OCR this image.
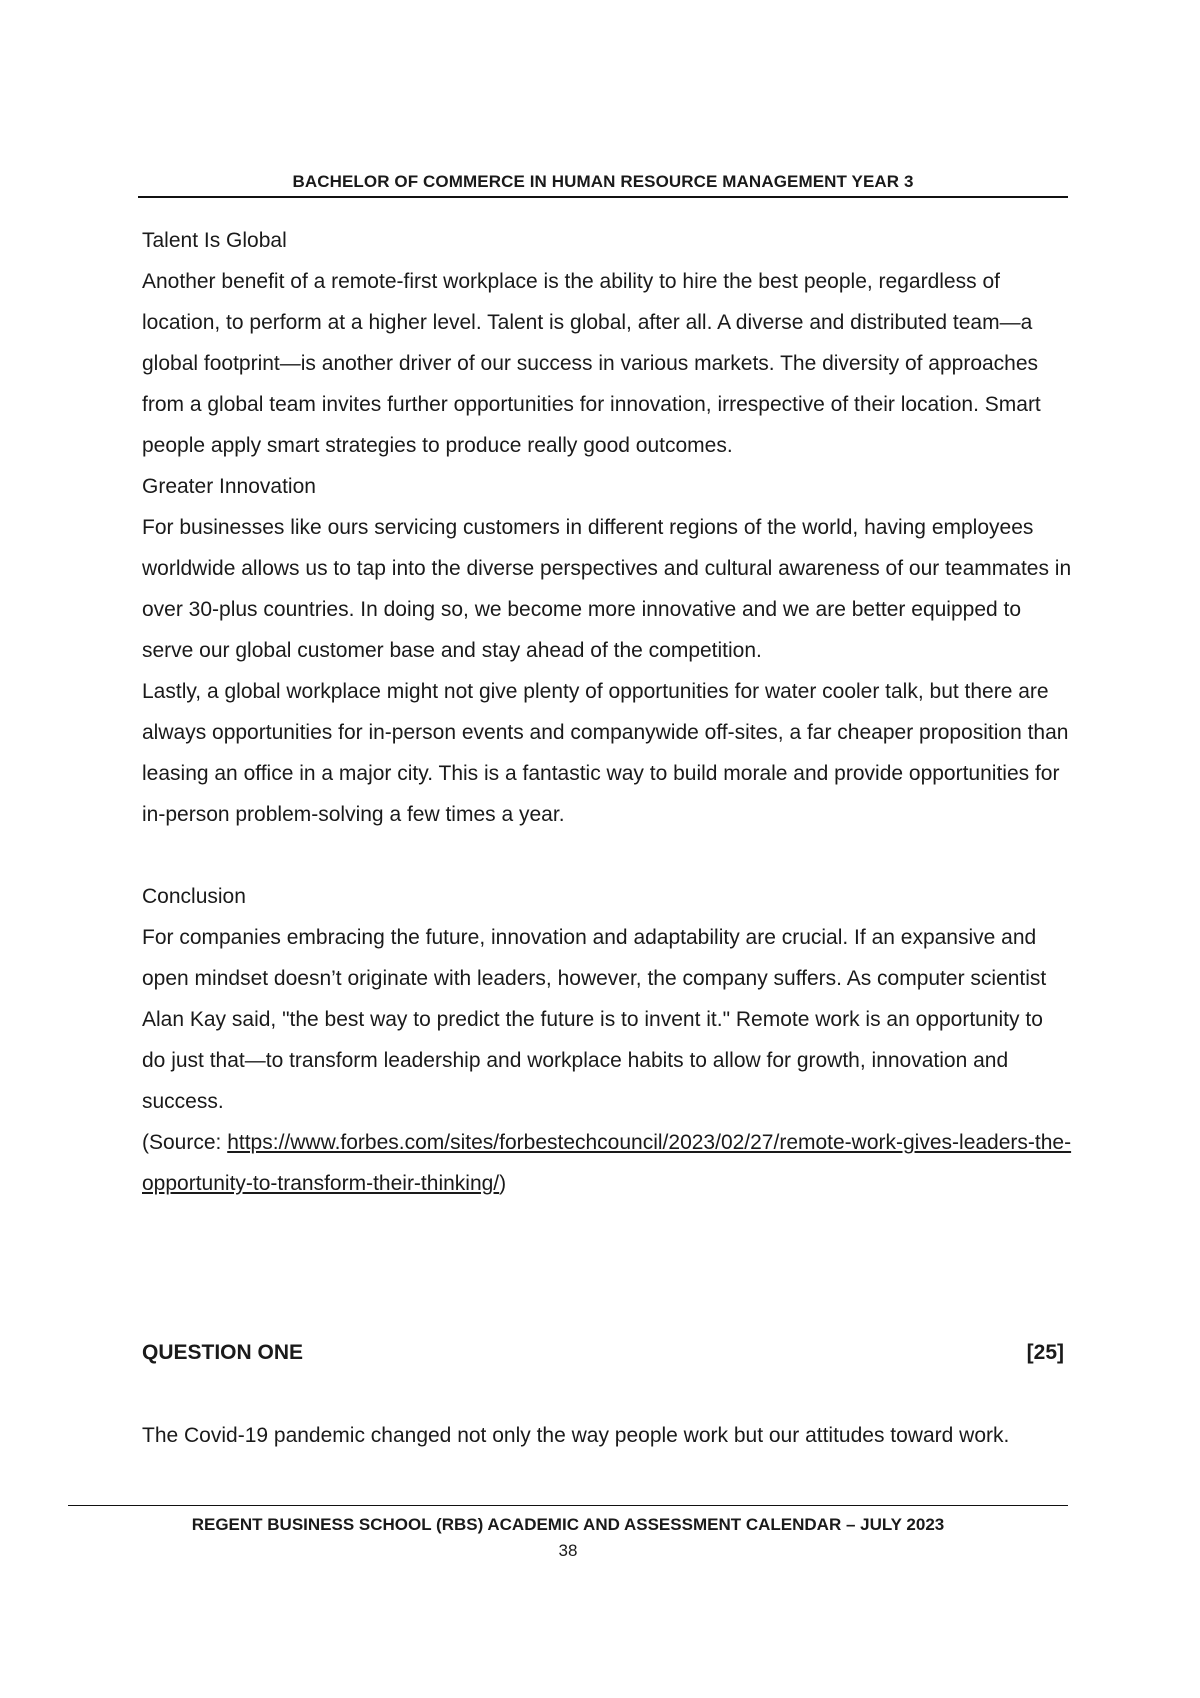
BACHELOR OF COMMERCE IN HUMAN RESOURCE MANAGEMENT YEAR 3
Talent Is Global

Another benefit of a remote-first workplace is the ability to hire the best people, regardless of location, to perform at a higher level. Talent is global, after all. A diverse and distributed team—a global footprint—is another driver of our success in various markets. The diversity of approaches from a global team invites further opportunities for innovation, irrespective of their location. Smart people apply smart strategies to produce really good outcomes.

Greater Innovation

For businesses like ours servicing customers in different regions of the world, having employees worldwide allows us to tap into the diverse perspectives and cultural awareness of our teammates in over 30-plus countries. In doing so, we become more innovative and we are better equipped to serve our global customer base and stay ahead of the competition.

Lastly, a global workplace might not give plenty of opportunities for water cooler talk, but there are always opportunities for in-person events and companywide off-sites, a far cheaper proposition than leasing an office in a major city. This is a fantastic way to build morale and provide opportunities for in-person problem-solving a few times a year.

Conclusion

For companies embracing the future, innovation and adaptability are crucial. If an expansive and open mindset doesn’t originate with leaders, however, the company suffers. As computer scientist Alan Kay said, "the best way to predict the future is to invent it." Remote work is an opportunity to do just that—to transform leadership and workplace habits to allow for growth, innovation and success.

(Source: https://www.forbes.com/sites/forbestechcouncil/2023/02/27/remote-work-gives-leaders-the-opportunity-to-transform-their-thinking/)

QUESTION ONE	[25]
The Covid-19 pandemic changed not only the way people work but our attitudes toward work.
REGENT BUSINESS SCHOOL (RBS) ACADEMIC AND ASSESSMENT CALENDAR – JULY 2023
38
